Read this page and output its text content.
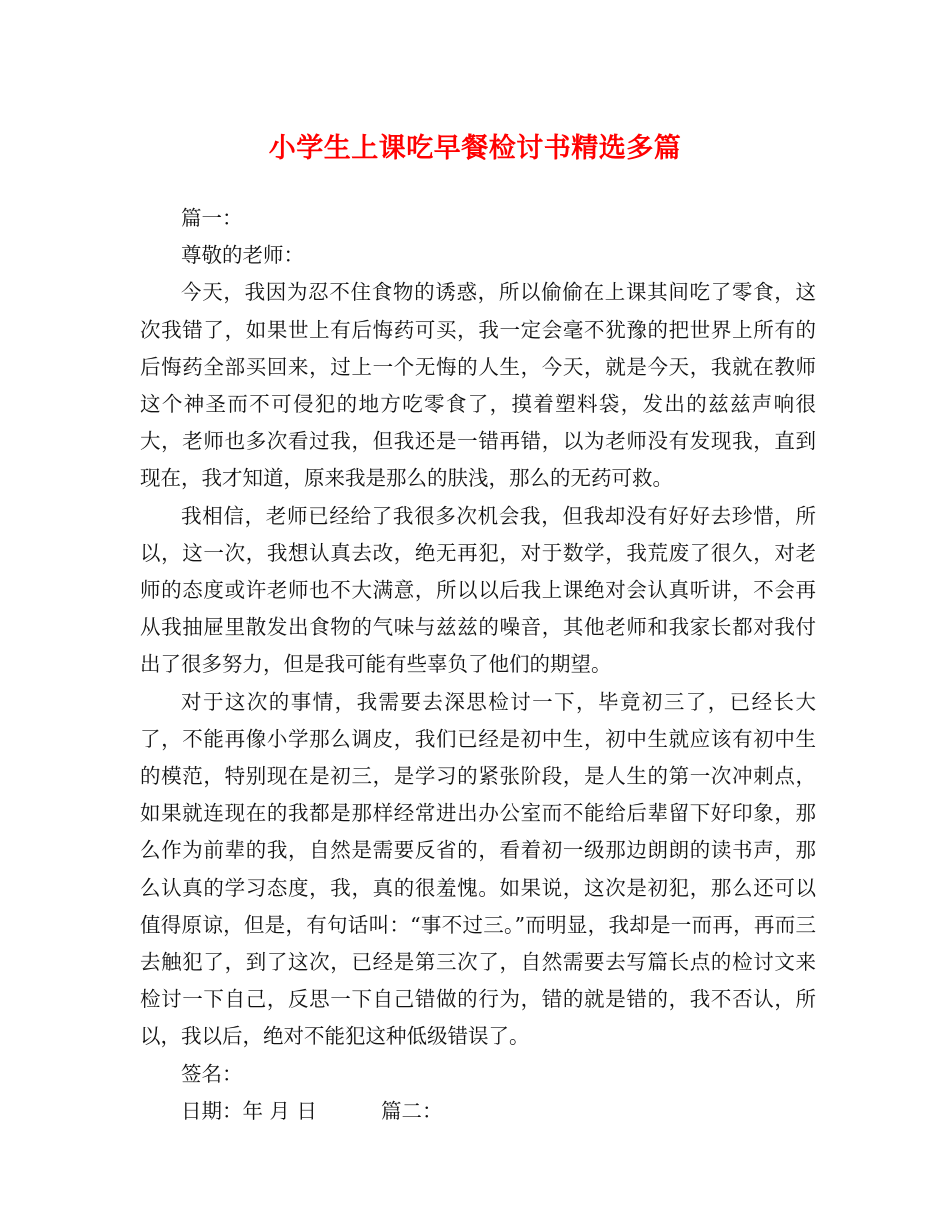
小学生上课吃早餐检讨书精选多篇

篇一：

尊敬的老师：

今天，我因为忍不住食物的诱惑，所以偷偷在上课其间吃了零食，这次我错了，如果世上有后悔药可买，我一定会毫不犹豫的把世界上所有的后悔药全部买回来，过上一个无悔的人生，今天，就是今天，我就在教师这个神圣而不可侵犯的地方吃零食了，摸着塑料袋，发出的兹兹声响很大，老师也多次看过我，但我还是一错再错，以为老师没有发现我，直到现在，我才知道，原来我是那么的肤浅，那么的无药可救。

我相信，老师已经给了我很多次机会我，但我却没有好好去珍惜，所以，这一次，我想认真去改，绝无再犯，对于数学，我荒废了很久，对老师的态度或许老师也不大满意，所以以后我上课绝对会认真听讲，不会再从我抽屉里散发出食物的气味与兹兹的噪音，其他老师和我家长都对我付出了很多努力，但是我可能有些辜负了他们的期望。

对于这次的事情，我需要去深思检讨一下，毕竟初三了，已经长大了，不能再像小学那么调皮，我们已经是初中生，初中生就应该有初中生的模范，特别现在是初三，是学习的紧张阶段，是人生的第一次冲刺点，如果就连现在的我都是那样经常进出办公室而不能给后辈留下好印象，那么作为前辈的我，自然是需要反省的，看着初一级那边朗朗的读书声，那么认真的学习态度，我，真的很羞愧。如果说，这次是初犯，那么还可以值得原谅，但是，有句话叫：“事不过三。”而明显，我却是一而再，再而三去触犯了，到了这次，已经是第三次了，自然需要去写篇长点的检讨文来检讨一下自己，反思一下自己错做的行为，错的就是错的，我不否认，所以，我以后，绝对不能犯这种低级错误了。

签名：

日期：年 月 日	篇二：
